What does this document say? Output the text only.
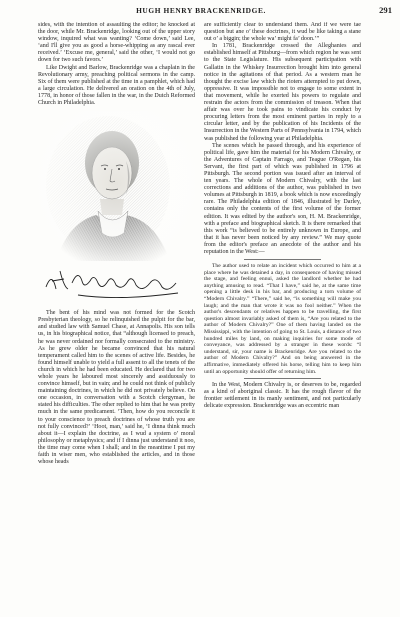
HUGH HENRY BRACKENRIDGE.	291

sides, with the intention of assaulting the editor; he knocked at the door, while Mr. Brackenridge, looking out of the upper story window, inquired what was wanting? ‘Come down,’ said Lee, ‘and I'll give you as good a horse-whipping as any rascal ever received.’ ‘Excuse me, general,’ said the other, ‘I would not go down for two such favors.’

Like Dwight and Barlow, Brackenridge was a chaplain in the Revolutionary army, preaching political sermons in the camp. Six of them were published at the time in a pamphlet, which had a large circulation. He delivered an oration on the 4th of July, 1778, in honor of those fallen in the war, in the Dutch Reformed Church in Philadelphia.

The bent of his mind was not formed for the Scotch Presbyterian theology, so he relinquished the pulpit for the bar, and studied law with Samuel Chase, at Annapolis. His son tells us, in his biographical notice, that “although licensed to preach, he was never ordained nor formally consecrated to the ministry. As he grew older he became convinced that his natural temperament called him to the scenes of active life. Besides, he found himself unable to yield a full assent to all the tenets of the church in which he had been educated. He declared that for two whole years he laboured most sincerely and assiduously to convince himself, but in vain; and he could not think of publicly maintaining doctrines, in which he did not privately believe. On one occasion, in conversation with a Scotch clergyman, he stated his difficulties. The other replied to him that he was pretty much in the same predicament. ‘Then, how do you reconcile it to your conscience to preach doctrines of whose truth you are not fully convinced?’ ‘Hoot, man,’ said he, ‘I dinna think much about it—I explain the doctrine, as I wud a system o’ moral philosophy or metaphysics; and if I dinna just understand it noo, the time may come when I shall; and in the meantime I put my faith in wiser men, who established the articles, and in those whose heads

are sufficiently clear to understand them. And if we were tae question but ane o’ these doctrines, it wud be like taking a stane out o’ a biggin; the whole wa’ might fa’ doon.’”

In 1781, Brackenridge crossed the Alleghanies and established himself at Pittsburg—from which region he was sent to the State Legislature. His subsequent participation with Gallatin in the Whiskey Insurrection brought him into general notice in the agitations of that period. As a western man he thought the excise law which the rioters attempted to put down, oppressive. It was impossible not to engage to some extent in that movement, while he exerted his powers to regulate and restrain the actors from the commission of treason. When that affair was over he took pains to vindicate his conduct by procuring letters from the most eminent parties in reply to a circular letter, and by the publication of his Incidents of the Insurrection in the Western Parts of Pennsylvania in 1794, which was published the following year at Philadelphia.

The scenes which he passed through, and his experience of political life, gave him the material for his Modern Chivalry, or the Adventures of Captain Farrago, and Teague O'Regan, his Servant, the first part of which was published in 1796 at Pittsburgh. The second portion was issued after an interval of ten years. The whole of Modern Chivalry, with the last corrections and additions of the author, was published in two volumes at Pittsburgh in 1819, a book which is now exceedingly rare. The Philadelphia edition of 1846, illustrated by Darley, contains only the contents of the first volume of the former edition. It was edited by the author's son, H. M. Brackenridge, with a preface and biographical sketch. It is there remarked that this work “is believed to be entirely unknown in Europe, and that it has never been noticed by any review.” We may quote from the editor's preface an anecdote of the author and his reputation in the West:—

The author used to relate an incident which occurred to him at a place where he was detained a day, in consequence of having missed the stage, and feeling ennui, asked the landlord whether he had anything amusing to read. “That I have,” said he, at the same time opening a little desk in his bar, and producing a torn volume of “Modern Chivalry.” “There,” said he, “is something will make you laugh; and the man that wrote it was no fool neither.” When the author's descendants or relatives happen to be travelling, the first question almost invariably asked of them is, “Are you related to the author of Modern Chivalry?” One of them having landed on the Mississippi, with the intention of going to St. Louis, a distance of two hundred miles by land, on making inquiries for some mode of conveyance, was addressed by a stranger in these words: “I understand, sir, your name is Brackenridge. Are you related to the author of Modern Chivalry?” And on being answered in the affirmative, immediately offered his horse, telling him to keep him until an opportunity should offer of returning him.

In the West, Modern Chivalry is, or deserves to be, regarded as a kind of aboriginal classic. It has the rough flavor of the frontier settlement in its manly sentiment, and not particularly delicate expression. Brackenridge was an eccentric man
